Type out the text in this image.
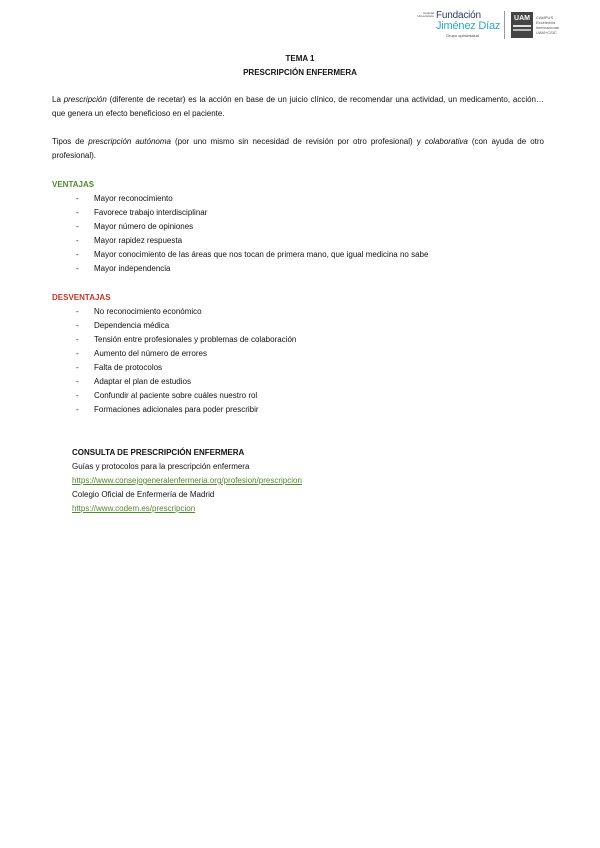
Hospital Universitario Fundación
Jiménez Díaz
Grupo quirónsalud
UAM CAMPUS Excelencia Internacional UAM+CSIC
TEMA 1
PRESCRIPCIÓN ENFERMERA
La prescripción (diferente de recetar) es la acción en base de un juicio clínico, de recomendar una actividad, un medicamento, acción… que genera un efecto beneficioso en el paciente.
Tipos de prescripción autónoma (por uno mismo sin necesidad de revisión por otro profesional) y colaborativa (con ayuda de otro profesional).
VENTAJAS
- Mayor reconocimiento
- Favorece trabajo interdisciplinar
- Mayor número de opiniones
- Mayor rapidez respuesta
- Mayor conocimiento de las áreas que nos tocan de primera mano, que igual medicina no sabe
- Mayor independencia
DESVENTAJAS
- No reconocimiento económico
- Dependencia médica
- Tensión entre profesionales y problemas de colaboración
- Aumento del número de errores
- Falta de protocolos
- Adaptar el plan de estudios
- Confundir al paciente sobre cuáles nuestro rol
- Formaciones adicionales para poder prescribir
CONSULTA DE PRESCRIPCIÓN ENFERMERA
Guías y protocolos para la prescripción enfermera
https://www.consejogeneralenfermeria.org/profesion/prescripcion
Colegio Oficial de Enfermería de Madrid
https://www.codem.es/prescripcion
